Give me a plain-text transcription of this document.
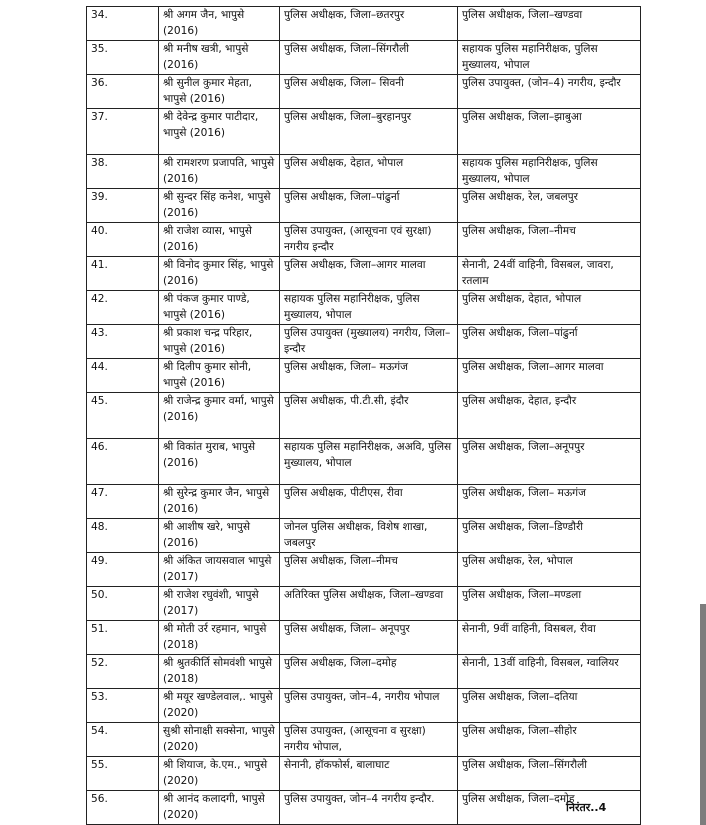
34.	श्री अगम जैन, भापुसे (2016)	पुलिस अधीक्षक, जिला–छतरपुर	पुलिस अधीक्षक, जिला–खण्डवा
35.	श्री मनीष खत्री, भापुसे (2016)	पुलिस अधीक्षक, जिला–सिंगरौली	सहायक पुलिस महानिरीक्षक, पुलिस मुख्यालय, भोपाल
36.	श्री सुनील कुमार मेहता, भापुसे (2016)	पुलिस अधीक्षक, जिला– सिवनी	पुलिस उपायुक्त, (जोन–4) नगरीय, इन्दौर
37.	श्री देवेन्द्र कुमार पाटीदार, भापुसे (2016)	पुलिस अधीक्षक, जिला–बुरहानपुर	पुलिस अधीक्षक, जिला–झाबुआ
38.	श्री रामशरण प्रजापति, भापुसे (2016)	पुलिस अधीक्षक, देहात, भोपाल	सहायक पुलिस महानिरीक्षक, पुलिस मुख्यालय, भोपाल
39.	श्री सुन्दर सिंह कनेश, भापुसे (2016)	पुलिस अधीक्षक, जिला–पांढुर्ना	पुलिस अधीक्षक, रेल, जबलपुर
40.	श्री राजेश व्यास, भापुसे (2016)	पुलिस उपायुक्त, (आसूचना एवं सुरक्षा) नगरीय इन्दौर	पुलिस अधीक्षक, जिला–नीमच
41.	श्री विनोद कुमार सिंह, भापुसे (2016)	पुलिस अधीक्षक, जिला–आगर मालवा	सेनानी, 24वीं वाहिनी, विसबल, जावरा, रतलाम
42.	श्री पंकज कुमार पाण्डे, भापुसे (2016)	सहायक पुलिस महानिरीक्षक, पुलिस मुख्यालय, भोपाल	पुलिस अधीक्षक, देहात, भोपाल
43.	श्री प्रकाश चन्द्र परिहार, भापुसे (2016)	पुलिस उपायुक्त (मुख्यालय) नगरीय, जिला–इन्दौर	पुलिस अधीक्षक, जिला–पांढुर्ना
44.	श्री दिलीप कुमार सोनी, भापुसे (2016)	पुलिस अधीक्षक, जिला– मऊगंज	पुलिस अधीक्षक, जिला–आगर मालवा
45.	श्री राजेन्द्र कुमार वर्मा, भापुसे (2016)	पुलिस अधीक्षक, पी.टी.सी, इंदौर	पुलिस अधीक्षक, देहात, इन्दौर
46.	श्री विकांत मुराब, भापुसे (2016)	सहायक पुलिस महानिरीक्षक, अअवि, पुलिस मुख्यालय, भोपाल	पुलिस अधीक्षक, जिला–अनूपपुर
47.	श्री सुरेन्द्र कुमार जैन, भापुसे (2016)	पुलिस अधीक्षक, पीटीएस, रीवा	पुलिस अधीक्षक, जिला– मऊगंज
48.	श्री आशीष खरे, भापुसे (2016)	जोनल पुलिस अधीक्षक, विशेष शाखा, जबलपुर	पुलिस अधीक्षक, जिला–डिण्डौरी
49.	श्री अंकित जायसवाल भापुसे (2017)	पुलिस अधीक्षक, जिला–नीमच	पुलिस अधीक्षक, रेल, भोपाल
50.	श्री राजेश रघुवंशी, भापुसे (2017)	अतिरिक्त पुलिस अधीक्षक, जिला–खण्डवा	पुलिस अधीक्षक, जिला–मण्डला
51.	श्री मोती उर्र रहमान, भापुसे (2018)	पुलिस अधीक्षक, जिला– अनूपपुर	सेनानी, 9वीं वाहिनी, विसबल, रीवा
52.	श्री श्रुतकीर्ति सोमवंशी भापुसे (2018)	पुलिस अधीक्षक, जिला–दमोह	सेनानी, 13वीं वाहिनी, विसबल, ग्वालियर
53.	श्री मयूर खण्डेलवाल,. भापुसे (2020)	पुलिस उपायुक्त, जोन–4, नगरीय भोपाल	पुलिस अधीक्षक, जिला–दतिया
54.	सुश्री सोनाक्षी सक्सेना, भापुसे (2020)	पुलिस उपायुक्त, (आसूचना व सुरक्षा) नगरीय भोपाल,	पुलिस अधीक्षक, जिला–सीहोर
55.	श्री शियाज, के.एम., भापुसे (2020)	सेनानी, हॉकफोर्स, बालाघाट	पुलिस अधीक्षक, जिला–सिंगरौली
56.	श्री आनंद कलादगी, भापुसे (2020)	पुलिस उपायुक्त, जोन–4 नगरीय इन्दौर.	पुलिस अधीक्षक, जिला–दमोह
निरंतर..4
